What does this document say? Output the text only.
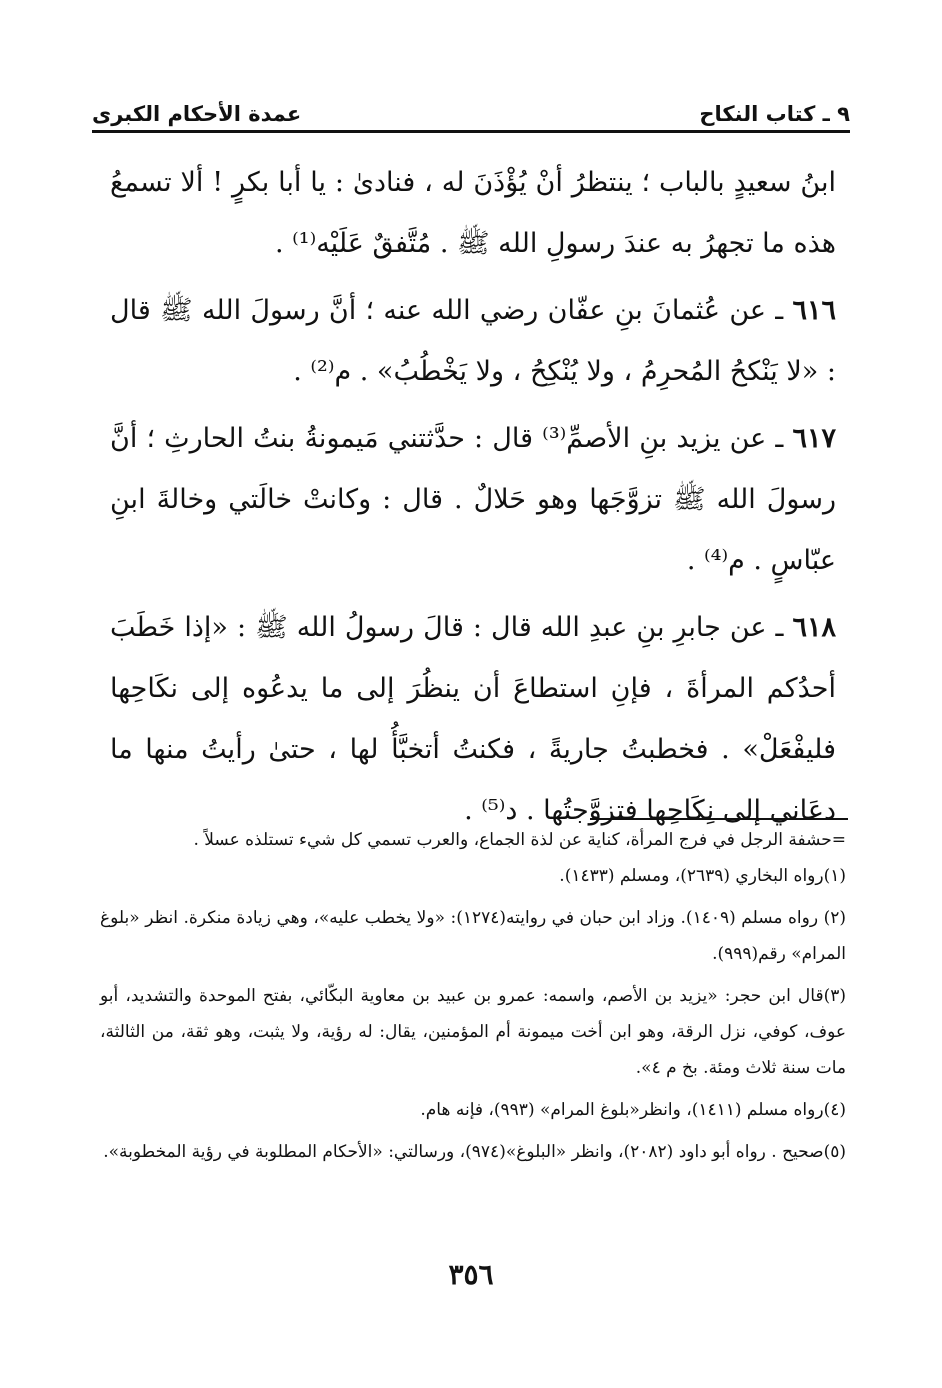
٩ ـ كتاب النكاح
عمدة الأحكام الكبرى

ابنُ سعيدٍ بالباب ؛ ينتظرُ أنْ يُؤْذَنَ له ، فنادىٰ : يا أبا بكرٍ ! ألا تسمعُ هذه ما تجهرُ به عندَ رسولِ الله ﷺ . مُتَّفقٌ عَلَيْه⁽¹⁾ .

٦١٦ ـ عن عُثمانَ بنِ عفّان رضي الله عنه ؛ أنَّ رسولَ الله ﷺ قال : «لا يَنْكحُ المُحرِمُ ، ولا يُنْكِحُ ، ولا يَخْطُبُ» . م⁽²⁾ .

٦١٧ ـ عن يزيد بنِ الأصمِّ⁽³⁾ قال : حدَّثتني مَيمونةُ بنتُ الحارثِ ؛ أنَّ رسولَ الله ﷺ تزوَّجَها وهو حَلالٌ . قال : وكانتْ خالَتي وخالةَ ابنِ عبّاسٍ . م⁽⁴⁾ .

٦١٨ ـ عن جابرِ بنِ عبدِ الله قال : قالَ رسولُ الله ﷺ : «إذا خَطَبَ أحدُكم المرأةَ ، فإنِ استطاعَ أن ينظُرَ إلى ما يدعُوه إلى نكَاحِها فليفْعَلْ» . فخطبتُ جاريةً ، فكنتُ أتخبَّأُ لها ، حتىٰ رأيتُ منها ما دعَاني إلى نِكَاحِها فتزوَّجتُها . د⁽⁵⁾ .

=حشفة الرجل في فرج المرأة، كناية عن لذة الجماع، والعرب تسمي كل شيء تستلذه عسلاً .

(١)رواه البخاري (٢٦٣٩)، ومسلم (١٤٣٣).

(٢) رواه مسلم (١٤٠٩). وزاد ابن حبان في روايته(١٢٧٤): «ولا يخطب عليه»، وهي زيادة منكرة. انظر «بلوغ المرام» رقم(٩٩٩).

(٣)قال ابن حجر: «يزيد بن الأصم، واسمه: عمرو بن عبيد بن معاوية البكّائي، بفتح الموحدة والتشديد، أبو عوف، كوفي، نزل الرقة، وهو ابن أخت ميمونة أم المؤمنين، يقال: له رؤية، ولا يثبت، وهو ثقة، من الثالثة، مات سنة ثلاث ومئة. بخ م ٤».

(٤)رواه مسلم (١٤١١)، وانظر«بلوغ المرام» (٩٩٣)، فإنه هام.

(٥)صحيح . رواه أبو داود (٢٠٨٢)، وانظر «البلوغ»(٩٧٤)، ورسالتي: «الأحكام المطلوبة في رؤية المخطوبة».

٣٥٦
